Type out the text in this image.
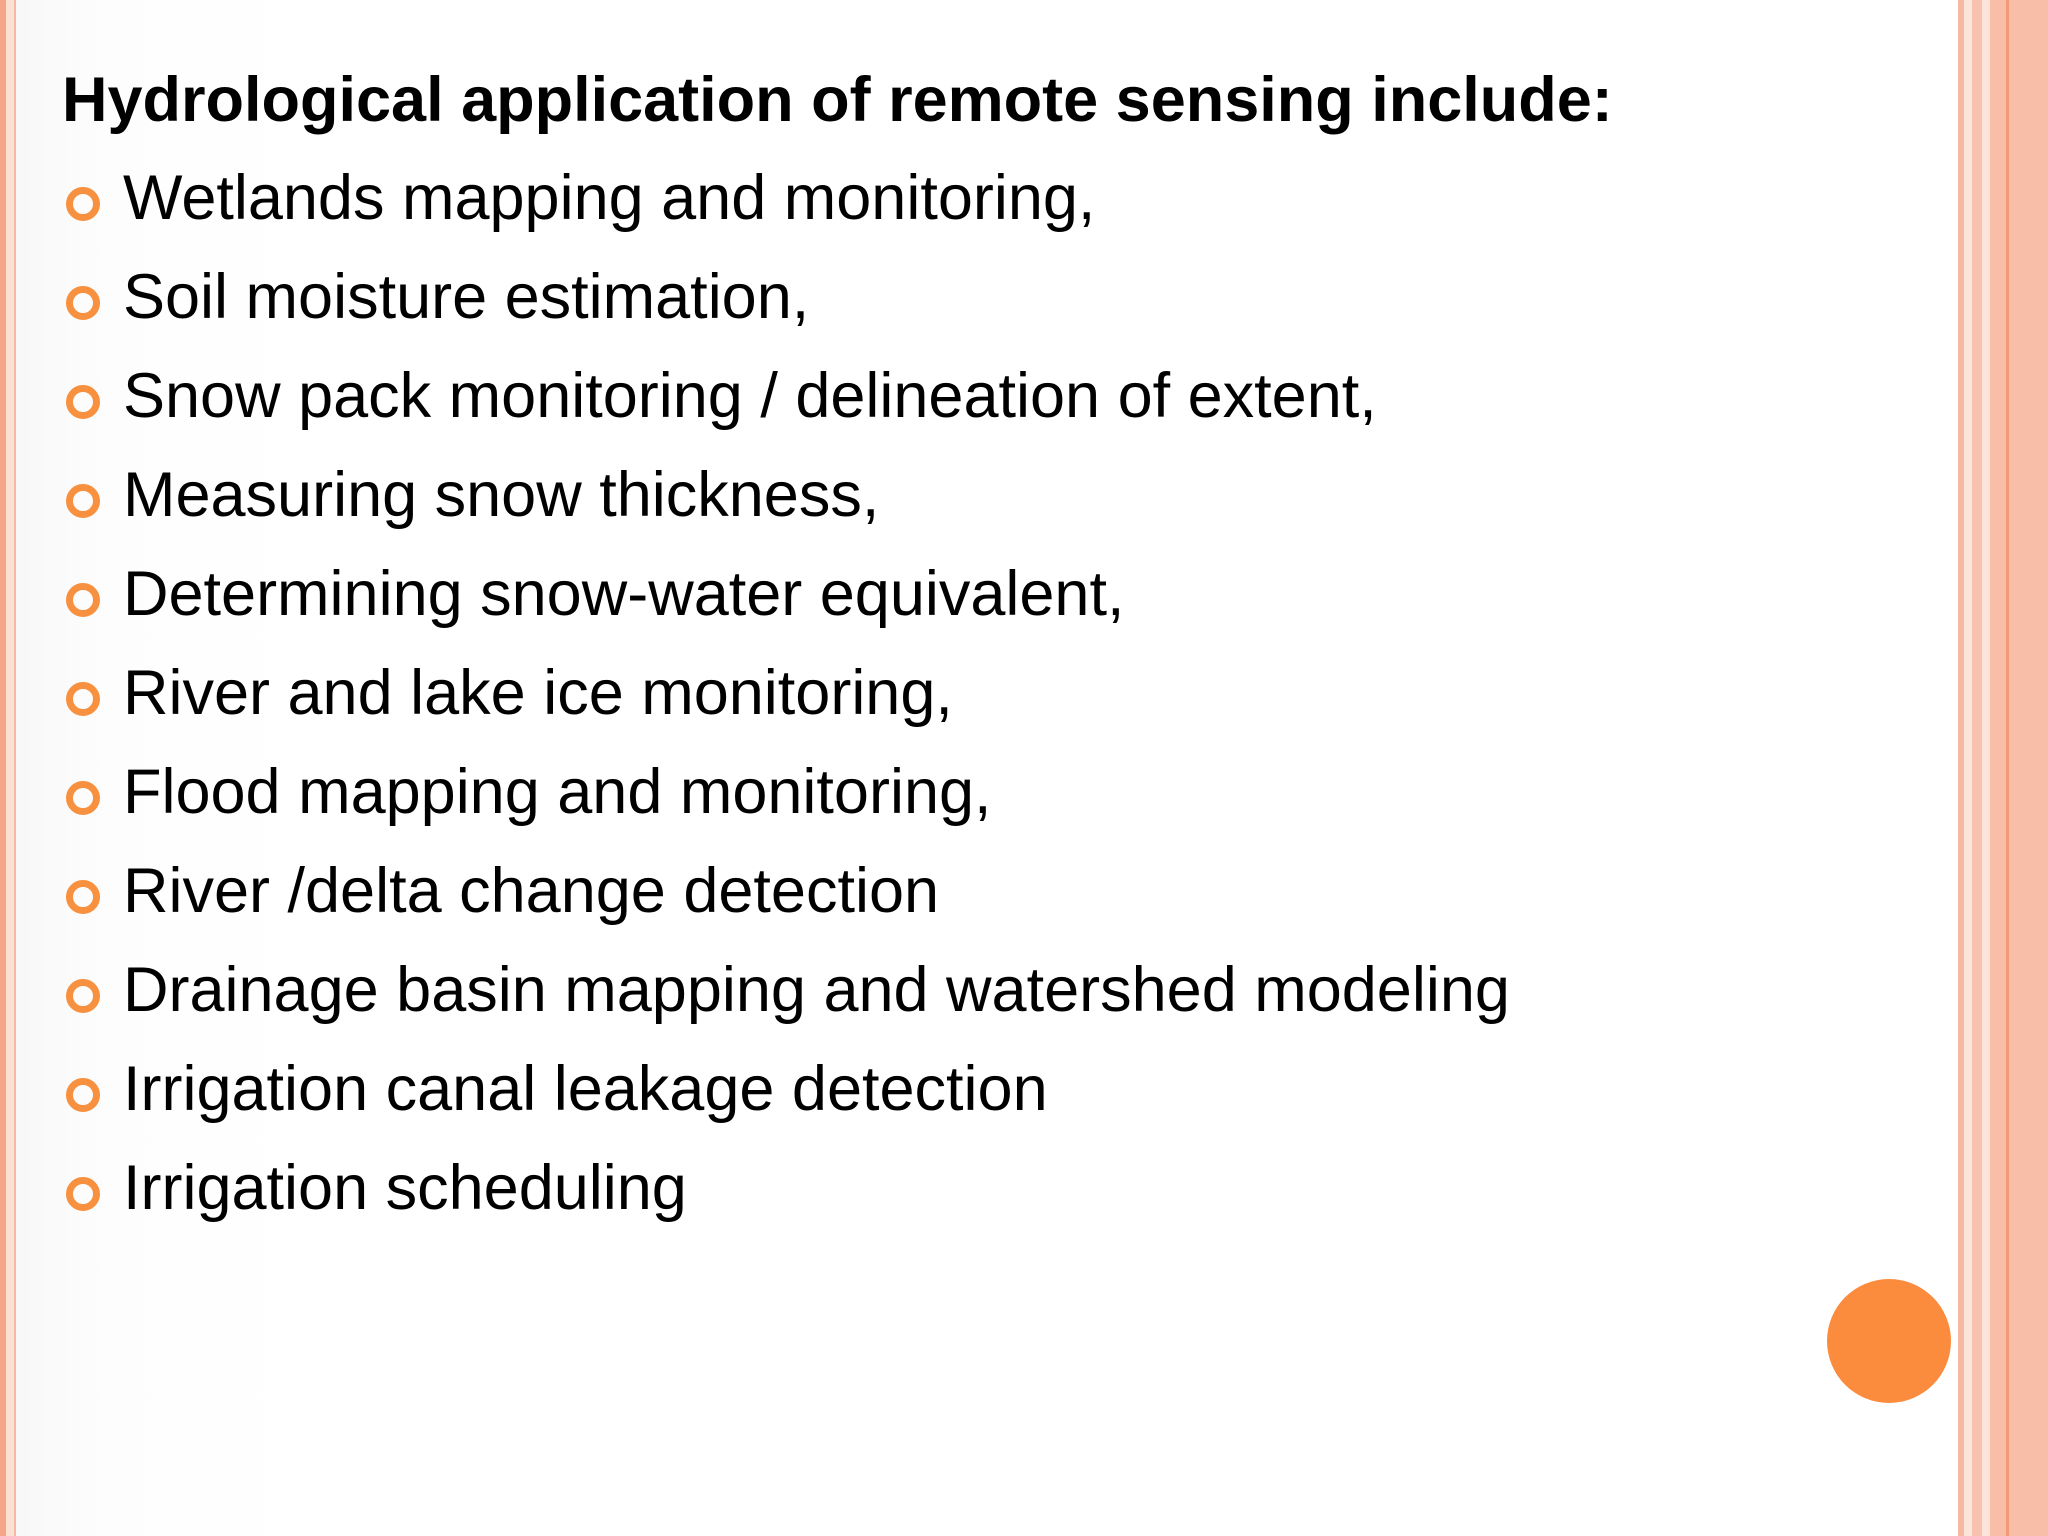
Hydrological application of remote sensing include:
Wetlands mapping and monitoring,
Soil moisture estimation,
Snow pack monitoring / delineation of extent,
Measuring snow thickness,
Determining snow-water equivalent,
River and lake ice monitoring,
Flood mapping and monitoring,
River /delta change detection
Drainage basin mapping and watershed modeling
Irrigation canal leakage detection
Irrigation scheduling
